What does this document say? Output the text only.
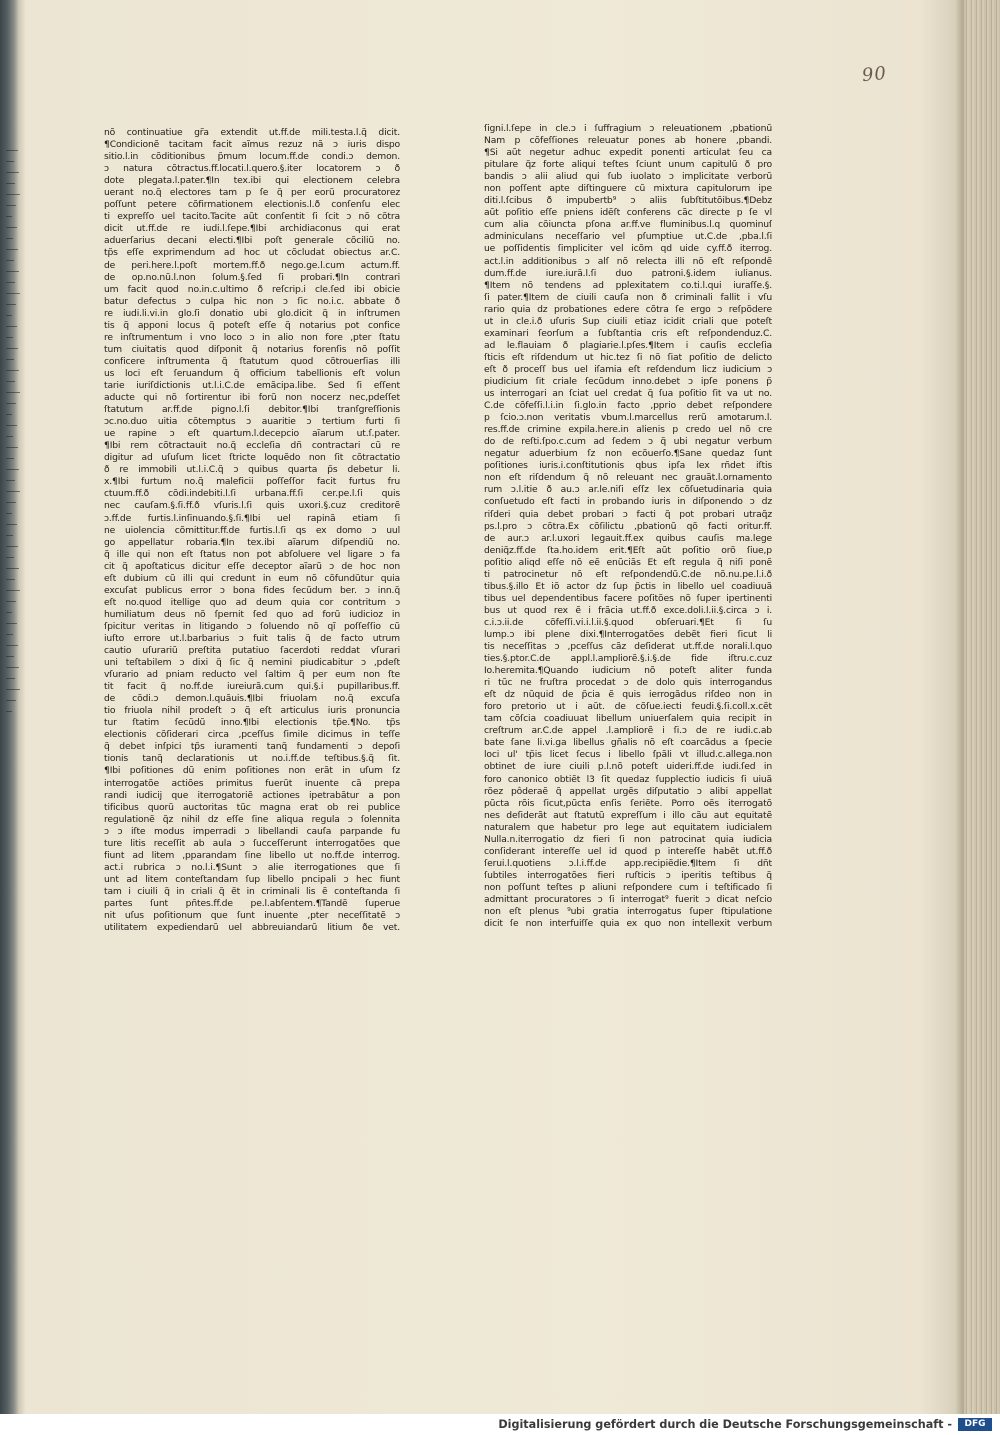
90
nõ continuatiue gr̃a extendit ut.ff.de mili.testa.l.q̃ dicit.
¶Condicionẽ tacitam facit aĩmus rezuz nã ↄ iuris dispo
sitio.l.in cõditionibus p̃mum locum.ff.de condi.ↄ demon.
ↄ natura cõtractus.ff.locati.l.quero.§.iter locatorem ↄ ð
dote plegata.l.pater.¶In tex.ibi qui electionem celebra
uerant no.q̃ electores tam p ſe q̃ per eorũ procuratorez
poſſunt petere cõfirmationem electionis.l.ð conſenſu elec
ti expreſſo uel tacito.Tacite aũt conſentit ſi ſcit ↄ nõ cõtra
dicit ut.ff.de re iudi.l.ſepe.¶Ibi archidiaconus qui erat
aduerſarius decani electi.¶Ibi poſt generale cõciliũ no.
tp̃s eſſe exprimendum ad hoc ut cõcludat obiectus ar.C.
de peri.here.l.poſt mortem.ff.ð nego.ge.l.cum actum.ff.
de op.no.nũ.l.non ſolum.§.ſed ſi probari.¶In contrari
um facit quod no.in.c.ultimo ð reſcrip.i cle.ſed ibi obicie
batur defectus ↄ culpa hic non ↄ ſic no.i.c. abbate ð
re iudi.li.vi.in glo.ſi donatio ubi glo.dicit q̃ in inſtrumen
tis q̃ apponi locus q̃ poteſt eſſe q̃ notarius pot confice
re inſtrumentum i vno loco ↄ in alio non fore ,pter ſtatu
tum ciuitatis quod diſponit q̃ notarius forenſis nõ poſſit
conficere inſtrumenta q̃ ſtatutum quod cõtrouerſias illi
us loci eſt ſeruandum q̃ officium tabellionis eſt volun
tarie iuriſdictionis ut.l.i.C.de emãcipa.libe. Sed ſi eſſent
aducte qui nõ ſortirentur ibi forũ non nocerz nec,pdeſſet
ſtatutum ar.ff.de pigno.l.ſi debitor.¶Ibi tranſgreſſionis
ↄc.no.duo uitia cõtemptus ↄ auaritie ↄ tertium furti ſi
ue rapine ↄ eſt quartum.l.decepcio aĩarum ut.ſ.pater.
¶Ibi rem cõtractauit no.q̃ eccleſia dñ contractari cũ re
digitur ad uſuſum licet ſtricte loquẽdo non ſit cõtractatio
ð re immobili ut.l.i.C.q̃ ↄ quibus quarta p̃s debetur li.
x.¶Ibi furtum no.q̃ maleficii poſſeſſor facit furtus fru
ctuum.ff.ð cõdi.indebiti.l.ſi urbana.ff.ſi cer.pe.l.ſi quis
nec cauſam.§.ſi.ff.ð vſuris.l.ſi quis uxori.§.cuz creditorẽ
ↄ.ff.de furtis.l.inſinuando.§.ſi.¶Ibi uel rapinã etiam ſi
ne uiolencia cõmittitur.ff.de furtis.l.ſi qs ex domo ↄ uul
go appellatur robaria.¶In tex.ibi aĩarum diſpendiũ no.
q̃ ille qui non eſt ſtatus non pot abſoluere vel ligare ↄ fa
cit q̃ apoſtaticus dicitur eſſe deceptor aĩarũ ↄ de hoc non
eſt dubium cũ illi qui credunt in eum nõ cõfundũtur quia
excuſat publicus error ↄ bona fides ſecũdum ber. ↄ inn.q̃
eſt no.quod itellige quo ad deum quia cor contritum ↄ
humiliatum deus nõ ſpernit ſed quo ad forũ iudicioz in
ſpicitur veritas in litigando ↄ ſoluendo nõ qĩ poſſeſſio cũ
iuſto errore ut.l.barbarius ↄ fuit talis q̃ de facto utrum
cautio uſurariũ preſtita putatiuo ſacerdoti reddat vſurari
uni teſtabilem ↄ dixi q̃ ſic q̃ nemini piudicabitur ↄ ,pdeſt
vſurario ad pniam reducto vel ſaltim q̃ per eum non ſte
tit facit q̃ no.ff.de iureiurã.cum qui.§.i pupillaribus.ff.
de cõdi.ↄ demon.l.quãuis.¶Ibi friuolam no.q̃ excuſa
tio friuola nihil prodeſt ↄ q̃ eſt articulus iuris pronuncia
tur ſtatim ſecũdũ inno.¶Ibi electionis tp̃e.¶No. tp̃s
electionis cõſiderari circa ,pceſſus ſimile dicimus in teſſe
q̃ debet inſpici tp̃s iuramenti tanq̃ fundamenti ↄ depoſi
tionis tanq̃ declarationis ut no.i.ff.de teſtibus.§.q̃ ſit.
¶Ibi poſitiones dũ enim poſitiones non erãt in uſum ſz
interrogatõe actiões primitus fuerũt inuente cã prepa
randi iudicij que iterrogatoriẽ actiones ipetrabãtur a pon
tificibus quorũ auctoritas tũc magna erat ob rei publice
regulationẽ q̃z nihil dz eſſe ſine aliqua regula ↄ ſolennita
ↄ ↄ iſte modus imperradi ↄ libellandi cauſa parpande fu
ture litis receſſit ab aula ↄ ſucceſſerunt interrogatões que
fiunt ad litem ,pparandam ſine libello ut no.ff.de interrog.
act.i rubrica ↄ no.l.i.¶Sunt ↄ alie iterrogationes que ſi
unt ad litem conteſtandam ſup libello pncipali ↄ hec fiunt
tam i ciuili q̃ in criali q̃ ẽt in criminali lis ẽ conteſtanda ſi
partes ſunt pñtes.ff.de pe.l.abſentem.¶Tandẽ ſuperue
nit uſus poſitionum que ſunt inuente ,pter neceſſitatẽ ↄ
utilitatem expediendarũ uel abbreuiandarũ litium ðe vet.
ſigni.l.ſepe in cle.ↄ i ſuffragium ↄ releuationem ,pbationũ
Nam p cõfeſſiones releuatur pones ab honere ,pbandi.
¶Si aũt negetur adhuc expedit ponenti articulat ſeu ca
pitulare q̃z forte aliqui teſtes ſciunt unum capitulũ ð pro
bandis ↄ alii aliud qui ſub iuolato ↄ implicitate verborũ
non poſſent apte diſtinguere cũ mixtura capitulorum ipe
diti.l.ſcibus ð impubertb⁹ ↄ aliis ſubſtitutõibus.¶Debz
aũt poſitio eſſe pniens idẽſt conferens cãc directe p ſe vl
cum alia cõiuncta pſona ar.ff.ve fluminibus.l.q quominuſ
adminiculans neceſſario vel pſumptiue ut.C.de ,pba.l.ſi
ue poſſidentis ſimpliciter vel icõm qd uide cy.ff.ð iterrog.
act.l.in additionibus ↄ alſ nõ relecta illi nõ eſt reſpondẽ
dum.ff.de iure.iurã.l.ſi duo patroni.§.idem iulianus.
¶Item nõ tendens ad pplexitatem co.ti.l.qui iuraſſe.§.
ſi pater.¶Item de ciuili cauſa non ð criminali fallit i vſu
rario quia dz probationes edere cõtra ſe ergo ↄ reſpõdere
ut in cle.i.ð uſuris Sup ciuili etiaz icidit criali que poteſt
examinari ſeorſum a ſubſtantia cris eſt reſpondenduz.C.
ad le.flauiam ð plagiarie.l.pſes.¶Item i cauſis eccleſia
ſticis eſt riſdendum ut hic.tez ſi nõ ſiat poſitio de delicto
eſt ð proceſſ bus uel iſamia eſt reſdendum licz iudicium ↄ
piudicium ſit criale ſecũdum inno.debet ↄ ipſe ponens p̃
us interrogari an ſciat uel credat q̃ ſua poſitio ſit va ut no.
C.de cõfeſſi.l.i.in ſi.glo.in facto ,pprio debet reſpondere
p ſcio.ↄ.non veritatis vbum.l.marcellus rerũ amotarum.l.
res.ff.de crimine expila.here.in alienis p credo uel nõ cre
do de reſti.ſpo.c.cum ad ſedem ↄ q̃ ubi negatur verbum
negatur aduerbium ſz non ecõuerſo.¶Sane quedaz ſunt
poſitiones iuris.i.conſtitutionis qbus ipſa lex rñdet iſtis
non eſt riſdendum q̃ nõ releuant nec grauãt.l.ornamento
rum ↄ.l.itie ð au.ↄ ar.le.niſi eſſz lex cõſuetudinaria quia
conſuetudo eſt facti in probando iuris in diſponendo ↄ dz
riſderi quia debet probari ↄ facti q̃ pot probari utraq̃z
ps.l.pro ↄ cõtra.Ex cõſilictu ,pbationũ qõ facti oritur.ff.
de aur.ↄ ar.l.uxori legauit.ff.ex quibus cauſis ma.lege
deniq̃z.ff.de ſta.ho.idem erit.¶Eſt aũt poſitio orõ ſiue,p
poſitio aliqd eſſe nõ eẽ enũciãs Et eſt regula q̃ niſi ponẽ
ti patrocinetur nõ eſt reſpondendũ.C.de nõ.nu.pe.l.i.ð
tibus.§.illo Et iõ actor dz ſup p̃ctis in libello uel coadiuuã
tibus uel dependentibus facere poſitões nõ ſuper ipertinenti
bus ut quod rex ẽ i frãcia ut.ff.ð exce.doli.l.ii.§.circa ↄ i.
c.i.ↄ.ii.de cõfeſſi.vi.i.l.ii.§.quod obſeruari.¶Et ſi ſu
lump.ↄ ibi plene dixi.¶Interrogatões debẽt fieri ſicut li
tis neceſſitas ↄ ,pceſſus cãz deſiderat ut.ff.de norali.l.quo
ties.§.ptor.C.de appl.l.ampliorẽ.§.i.§.de fide iſtru.c.cuz
Io.heremita.¶Quando iudicium nõ poteſt aliter funda
ri tũc ne fruſtra procedat ↄ de dolo quis interrogandus
eſt dz nũquid de p̃cia ẽ quis ierrogãdus riſdeo non in
foro pretorio ut i aũt. de cõſue.iecti feudi.§.ſi.coll.x.cẽt
tam cõſcia coadiuuat libellum uniuerſalem quia recipit in
creſtrum ar.C.de appel .l.ampliorẽ i ſi.ↄ de re iudi.c.ab
bate ſane li.vi.ga libellus gñalis nõ eſt coarcãdus a ſpecie
loci ul' tp̃is licet ſecus i libello ſpãli vt illud.c.allega.non
obtinet de iure ciuili p.l.nõ poteſt uideri.ff.de iudi.ſed in
foro canonico obtiẽt l3 ſit quedaz ſupplectio iudicis ſi uiuã
rõez pôderaẽ q̃ appellat urgẽs diſputatio ↄ alibi appellat
pũcta rõis ſicut,pũcta enſis ſeriẽte. Porro oẽs iterrogatõ
nes deſiderãt aut ſtatutũ expreſſum i illo cãu aut equitatẽ
naturalem que habetur pro lege aut equitatem iudicialem
Nulla.n.iterrogatio dz fieri ſi non patrocinat quia iudicia
conſiderant intereſſe uel id quod p intereſſe habẽt ut.ff.ð
ſerui.l.quotiens ↄ.l.i.ff.de app.recipiẽdie.¶Item ſi dñt
ſubtiles interrogatões fieri ruſticis ↄ iperitis teſtibus q̃
non poſſunt teſtes p aliuni reſpondere cum i teſtificado ſi
admittant procuratores ↄ ſi interrogat⁹ fuerit ↄ dicat neſcio
non eſt plenus ⁹ubi gratia interrogatus ſuper ſtipulatione
dicit ſe non interfuiſſe quia ex quo non intellexit verbum
Digitalisierung gefördert durch die Deutsche Forschungsgemeinschaft -	DFG
